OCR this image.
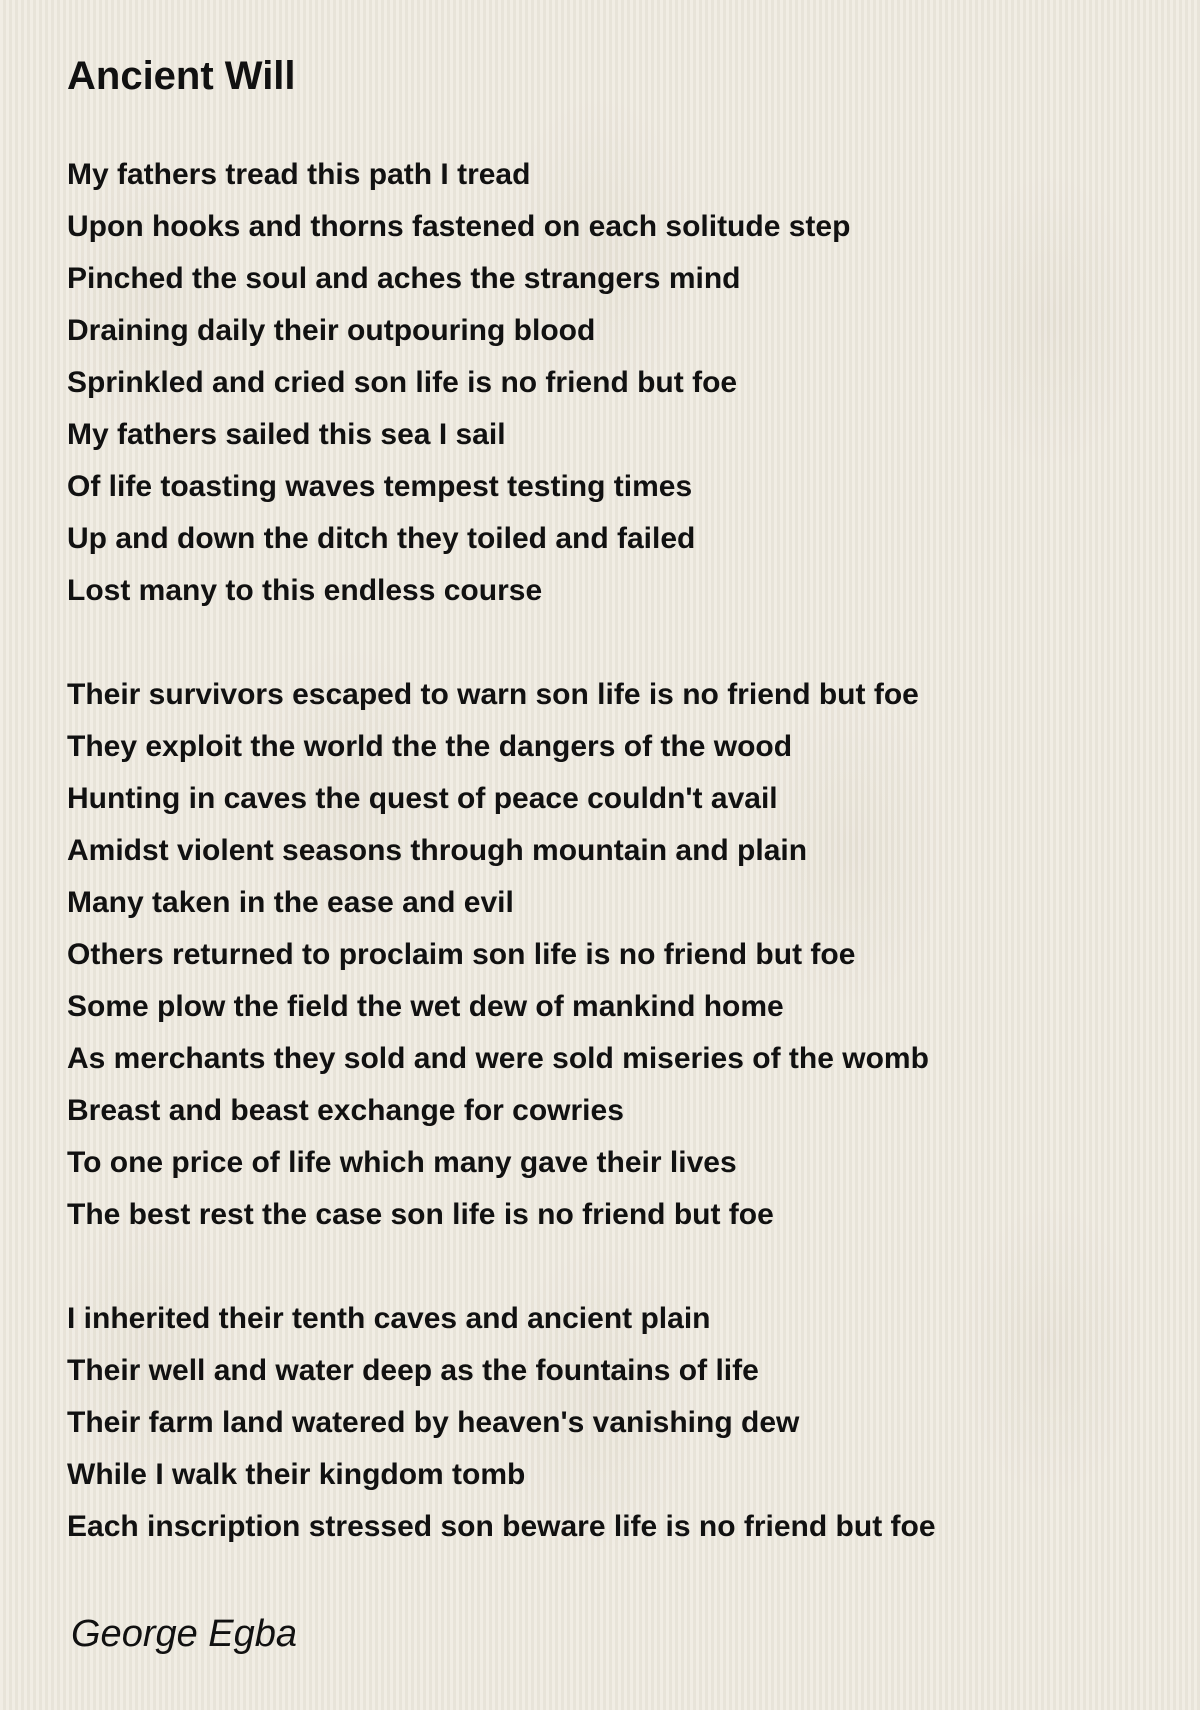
Ancient Will
My fathers tread this path I tread
Upon hooks and thorns fastened on each solitude step
Pinched the soul and aches the strangers mind
Draining daily their outpouring blood
Sprinkled and cried son life is no friend but foe
My fathers sailed this sea I sail
Of life toasting waves tempest testing times
Up and down the ditch they toiled and failed
Lost many to this endless course
Their survivors escaped to warn son life is no friend but foe
They exploit the world the the dangers of the wood
Hunting in caves the quest of peace couldn't avail
Amidst violent seasons through mountain and plain
Many taken in the ease and evil
Others returned to proclaim son life is no friend but foe
Some plow the field the wet dew of mankind home
As merchants they sold and were sold miseries of the womb
Breast and beast exchange for cowries
To one price of life which many gave their lives
The best rest the case son life is no friend but foe
I inherited their tenth caves and ancient plain
Their well and water deep as the fountains of life
Their farm land watered by heaven's vanishing dew
While I walk their kingdom tomb
Each inscription stressed son beware life is no friend but foe
George Egba
